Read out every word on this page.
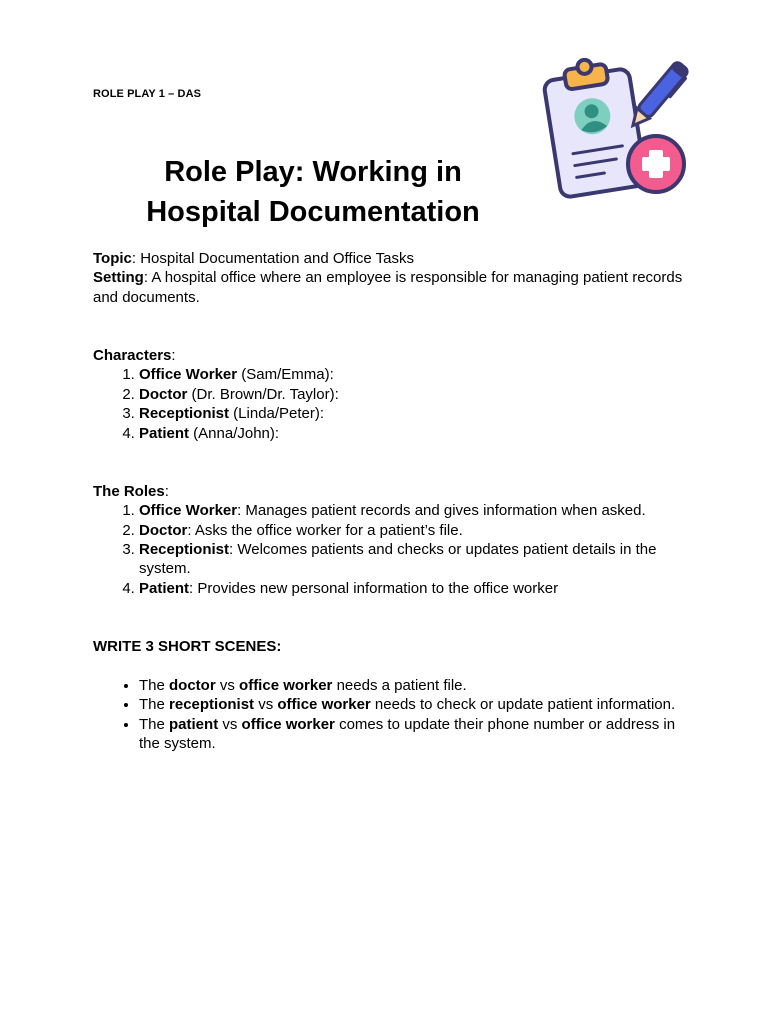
ROLE PLAY 1 – DAS
Role Play: Working in
Hospital Documentation

Topic: Hospital Documentation and Office Tasks

Setting: A hospital office where an employee is responsible for managing patient records and documents.

Characters:

1. Office Worker (Sam/Emma):
2. Doctor (Dr. Brown/Dr. Taylor):
3. Receptionist (Linda/Peter):
4. Patient (Anna/John):

The Roles:

1. Office Worker: Manages patient records and gives information when asked.
2. Doctor: Asks the office worker for a patient’s file.
3. Receptionist: Welcomes patients and checks or updates patient details in the system.
4. Patient: Provides new personal information to the office worker

WRITE 3 SHORT SCENES:

• The doctor vs office worker needs a patient file.
• The receptionist vs office worker needs to check or update patient information.
• The patient vs office worker comes to update their phone number or address in the system.
